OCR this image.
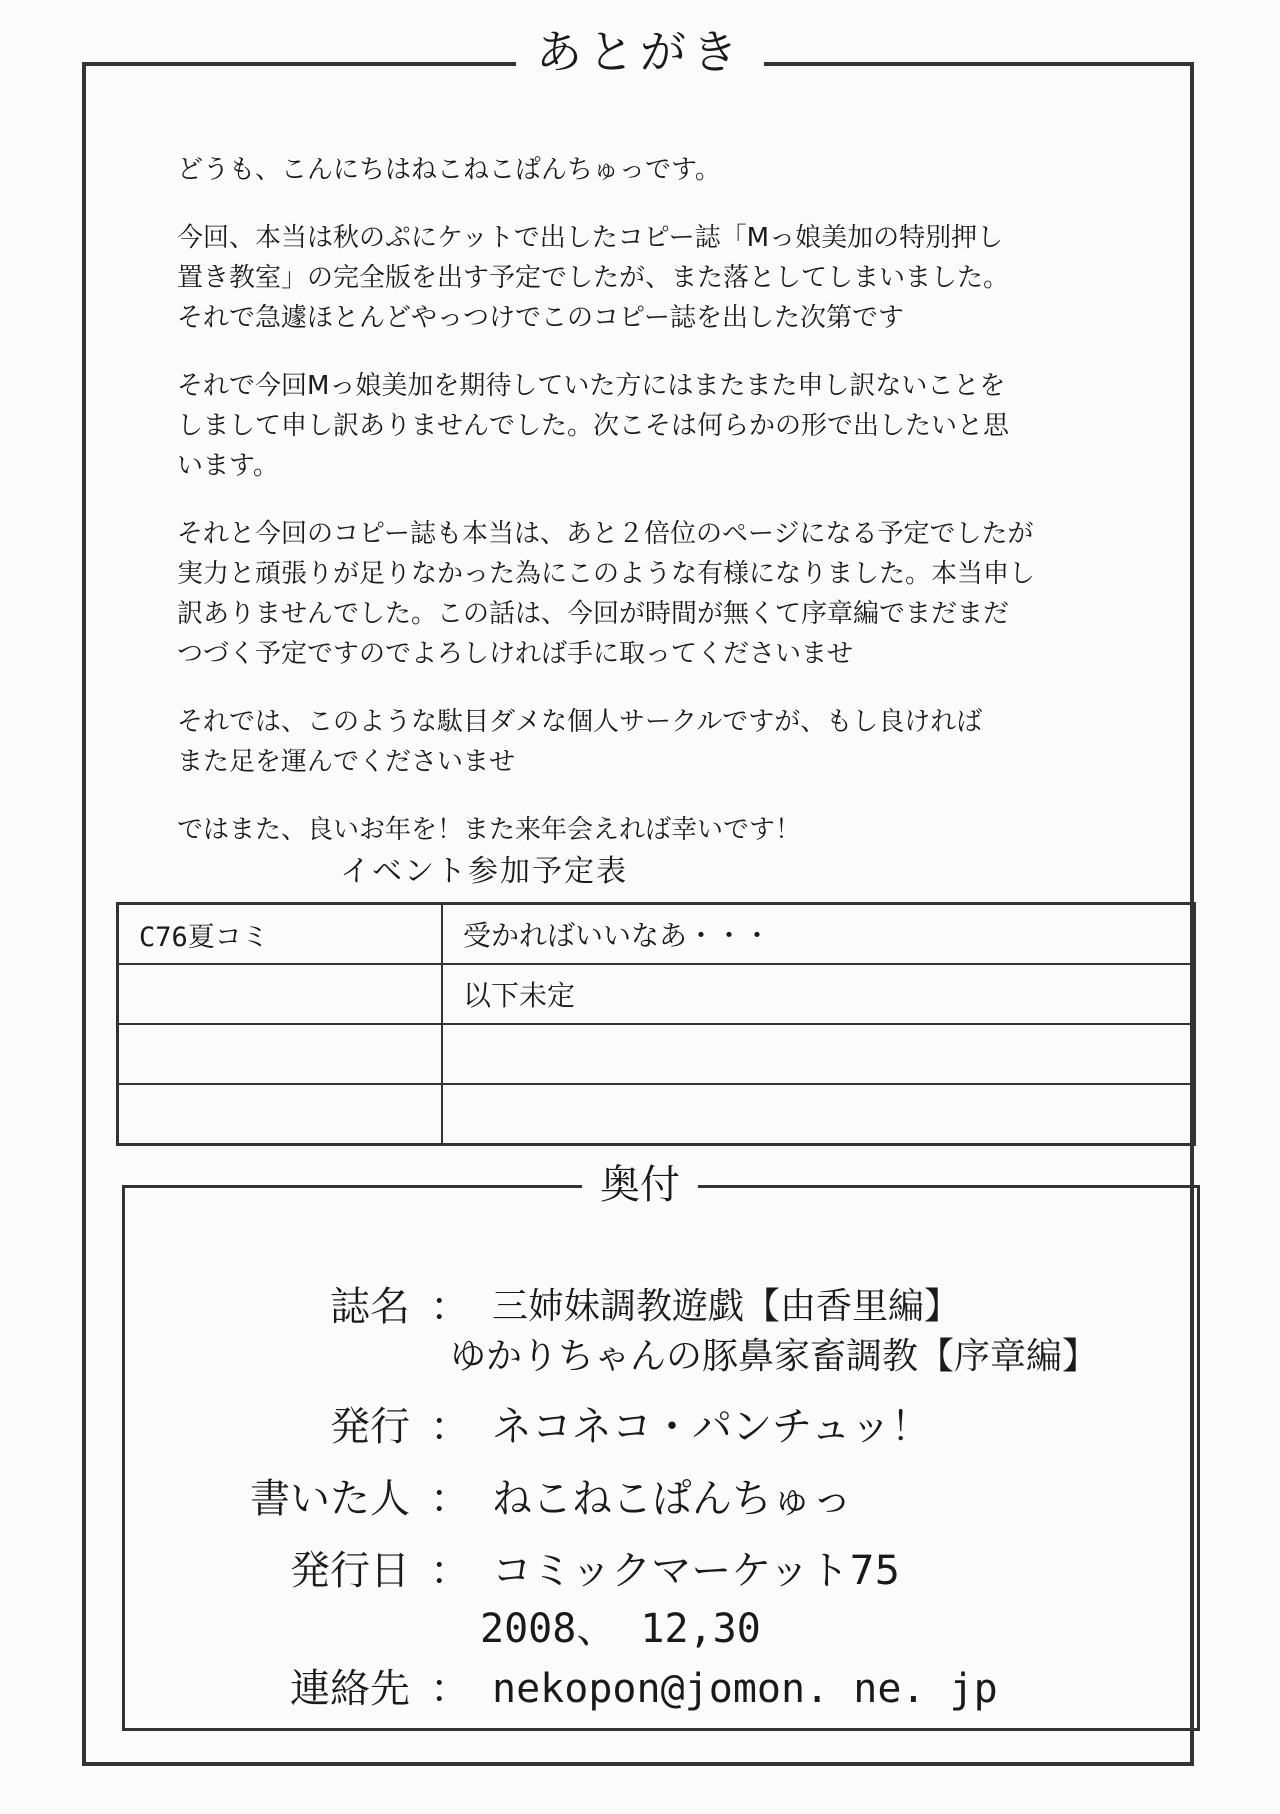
あとがき

どうも、こんにちはねこねこぱんちゅっです。

今回、本当は秋のぷにケットで出したコピー誌「Mっ娘美加の特別押し
置き教室」の完全版を出す予定でしたが、また落としてしまいました。
それで急遽ほとんどやっつけでこのコピー誌を出した次第です

それで今回Mっ娘美加を期待していた方にはまたまた申し訳ないことを
しまして申し訳ありませんでした。次こそは何らかの形で出したいと思
います。

それと今回のコピー誌も本当は、あと２倍位のページになる予定でしたが
実力と頑張りが足りなかった為にこのような有様になりました。本当申し
訳ありませんでした。この話は、今回が時間が無くて序章編でまだまだ
つづく予定ですのでよろしければ手に取ってくださいませ

それでは、このような駄目ダメな個人サークルですが、もし良ければ
また足を運んでくださいませ

ではまた、良いお年を！また来年会えれば幸いです！

イベント参加予定表
C76夏コミ	受かればいいなあ・・・
	以下未定

奥付
誌名 ： 三姉妹調教遊戯【由香里編】
ゆかりちゃんの豚鼻家畜調教【序章編】
発行 ： ネコネコ・パンチュッ！
書いた人 ： ねこねこぱんちゅっ
発行日 ： コミックマーケット75
2008、 12,30
連絡先 ： nekopon@jomon. ne. jp
